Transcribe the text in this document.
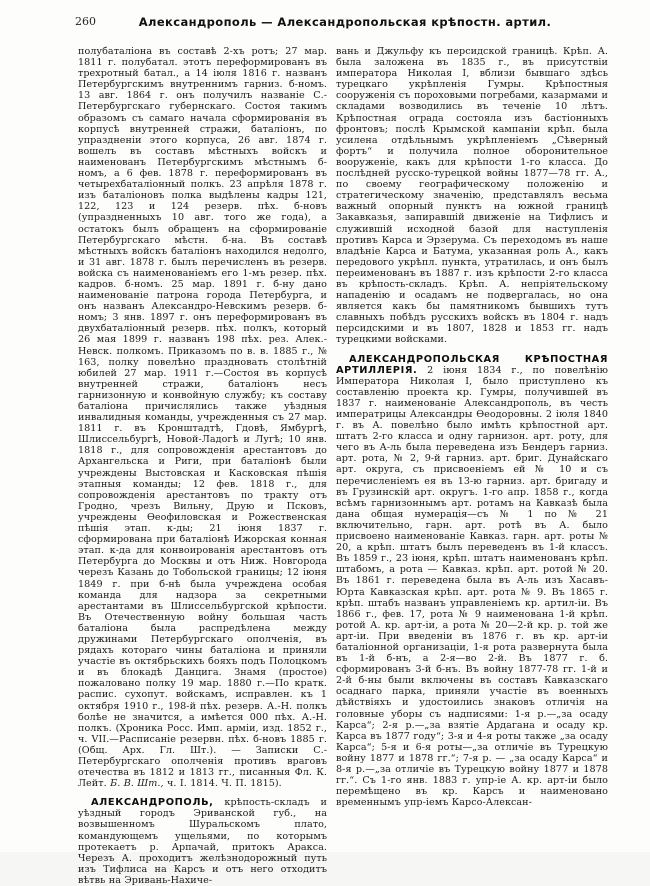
260	Александрополь — Александропольская крѣпостн. артил.

полубаталіона въ составѣ 2-хъ ротъ; 27 мар. 1811 г. полубатал. этотъ переформированъ въ трехротный батал., а 14 іюля 1816 г. названъ Петербургскимъ внутреннимъ гарниз. б-номъ. 13 авг. 1864 г. онъ получилъ названіе С.-Петербургскаго губернскаго. Состоя такимъ образомъ съ самаго начала сформированія въ корпусѣ внутренней стражи, баталіонъ, по упраздненіи этого корпуса, 26 авг. 1874 г. вошелъ въ составъ мѣстныхъ войскъ и наименованъ Петербургскимъ мѣстнымъ б-номъ, а 6 фев. 1878 г. переформированъ въ четырехбаталіонный полкъ. 23 апрѣля 1878 г. изъ баталіоновъ полка выдѣлены кадры 121, 122, 123 и 124 резерв. пѣх. б-новъ (упраздненныхъ 10 авг. того же года), а остатокъ былъ обращенъ на сформированіе Петербургскаго мѣстн. б-на. Въ составѣ мѣстныхъ войскъ баталіонъ находился недолго, и 31 авг. 1878 г. былъ перечисленъ въ резерв. войска съ наименованіемъ его 1-мъ резер. пѣх. кадров. б-номъ. 25 мар. 1891 г. б-ну дано наименованіе патрона города Петербурга, и онъ названъ Александро-Невскимъ резерв. б-номъ; 3 янв. 1897 г. онъ переформированъ въ двухбаталіонный резерв. пѣх. полкъ, который 26 мая 1899 г. названъ 198 пѣх. рез. Алек.-Невск. полкомъ. Приказомъ по в. в. 1885 г., № 163, полку повелѣно праздновать столѣтній юбилей 27 мар. 1911 г.—Состоя въ корпусѣ внутренней стражи, баталіонъ несъ гарнизонную и конвойную службу; къ составу баталіона причислялись также уѣздныя инвалидныя команды, учрежденныя съ 27 мар. 1811 г. въ Кронштадтѣ, Гдовѣ, Ямбургѣ, Шлиссельбургѣ, Новой-Ладогѣ и Лугѣ; 10 янв. 1818 г., для сопровожденія арестантовъ до Архангельска и Риги, при баталіонѣ были учреждены Выстовская и Касковская пѣшія этапныя команды; 12 фев. 1818 г., для сопровожденія арестантовъ по тракту отъ Гродно, чрезъ Вильну, Друю и Псковъ, учреждены Ѳеофиловская и Рожественская пѣшія этап. к-ды; 21 іюня 1837 г. сформирована при баталіонѣ Ижорская конная этап. к-да для конвоированія арестантовъ отъ Петербурга до Москвы и отъ Ниж. Новгорода черезъ Казань до Тобольской границы; 12 іюня 1849 г. при б-нѣ была учреждена особая команда для надзора за секретными арестантами въ Шлиссельбургской крѣпости. Въ Отечественную войну большая часть баталіона была распредѣлена между дружинами Петербургскаго ополченія, въ рядахъ котораго чины баталіона и приняли участіе въ октябрьскихъ бояхъ подъ Полоцкомъ и въ блокадѣ Данцига. Знамя (простое) пожаловано полку 19 мар. 1880 г.—По кратк. распис. сухопут. войскамъ, исправлен. къ 1 октября 1910 г., 198-й пѣх. резерв. А.-Н. полкъ болѣе не значится, а имѣется 000 пѣх. А.-Н. полкъ. (Хроника Росс. Имп. арміи, изд. 1852 г., ч. VII.—Расписаніе резервн. пѣх. б-новъ 1885 г. (Общ. Арх. Гл. Шт.). — Записки С.-Петербургскаго ополченія противъ враговъ отечества въ 1812 и 1813 гг., писанныя Фл. К. Лейт. Б. В. Шт., ч. I. 1814. Ч. П. 1815).

АЛЕКСАНДРОПОЛЬ, крѣпость-складъ и уѣздный городъ Эриванской губ., на возвышенномъ Шуральскомъ плато, командующемъ ущельями, по которымъ протекаетъ р. Арпачай, притокъ Аракса. Черезъ А. проходитъ желѣзнодорожный путь изъ Тифлиса на Карсъ и отъ него отходитъ вѣтвь на Эривань-Нахиче-

вань и Джульфу къ персидской границѣ. Крѣп. А. была заложена въ 1835 г., въ присутствіи императора Николая I, вблизи бывшаго здѣсь турецкаго укрѣпленія Гумры. Крѣпостныя сооруженія съ пороховыми погребами, казармами и складами возводились въ теченіе 10 лѣтъ. Крѣпостная ограда состояла изъ бастіонныхъ фронтовъ; послѣ Крымской кампаніи крѣп. была усилена отдѣльнымъ укрѣпленіемъ „Сѣверный фортъ“ и получила полное оборонительное вооруженіе, какъ для крѣпости 1-го класса. До послѣдней русско-турецкой войны 1877—78 гг. А., по своему географическому положенію и стратегическому значенію, представлялъ весьма важный опорный пунктъ на южной границѣ Закавказья, запиравшій движеніе на Тифлисъ и служившій исходной базой для наступленія противъ Карса и Эрзерума. Съ переходомъ въ наше владѣніе Карса и Батума, указанная роль А., какъ передового укрѣпл. пункта, утратилась, и онъ былъ переименованъ въ 1887 г. изъ крѣпости 2-го класса въ крѣпость-складъ. Крѣп. А. непріятельскому нападенію и осадамъ не подвергалась, но она является какъ бы памятникомъ бывшихъ тутъ славныхъ побѣдъ русскихъ войскъ въ 1804 г. надъ персидскими и въ 1807, 1828 и 1853 гг. надъ турецкими войсками.

АЛЕКСАНДРОПОЛЬСКАЯ КРѢПОСТНАЯ АРТИЛЛЕРІЯ. 2 іюня 1834 г., по повелѣнію Императора Николая I, было приступлено къ составленію проекта кр. Гумры, получившей въ 1837 г. наименованіе Александрополь, въ честь императрицы Александры Ѳеодоровны. 2 іюля 1840 г. въ А. повелѣно было имѣть крѣпостной арт. штатъ 2-го класса и одну гарнизон. арт. роту, для чего въ А-ль была переведена изъ Бендеръ гарниз. арт. рота, № 2, 9-й гарниз. арт. бриг. Дунайскаго арт. округа, съ присвоеніемъ ей № 10 и съ перечисленіемъ ея въ 13-ю гарниз. арт. бригаду и въ Грузинскій арт. округъ. 1-го апр. 1858 г., когда всѣмъ гарнизоннымъ арт. ротамъ на Кавказѣ была дана общая нумерація—съ № 1 по № 21 включительно, гарн. арт. ротѣ въ А. было присвоено наименованіе Кавказ. гарн. арт. роты № 20, а крѣп. штатъ былъ переведенъ въ 1-й классъ. Въ 1859 г., 23 іюня, крѣп. штатъ наименованъ крѣп. штабомъ, а рота — Кавказ. крѣп. арт. ротой № 20. Въ 1861 г. переведена была въ А-ль изъ Хасавъ-Юрта Кавказская крѣп. арт. рота № 9. Въ 1865 г. крѣп. штабъ названъ управленіемъ кр. артил-іи. Въ 1866 г., фев. 17, рота № 9 наименована 1-й крѣп. ротой А. кр. арт-іи, а рота № 20—2-й кр. р. той же арт-іи. При введеніи въ 1876 г. въ кр. арт-іи баталіонной организаціи, 1-я рота развернута была въ 1-й б-нъ, а 2-я—во 2-й. Въ 1877 г. б. сформированъ 3-й б-нъ. Въ войну 1877-78 гг. 1-й и 2-й б-ны были включены въ составъ Кавказскаго осаднаго парка, приняли участіе въ военныхъ дѣйствіяхъ и удостоились знаковъ отличія на головные уборы съ надписями: 1-я р.—„за осаду Карса“; 2-я р.—„за взятіе Ардагана и осаду кр. Карса въ 1877 году“; 3-я и 4-я роты также „за осаду Карса“; 5-я и 6-я роты—„за отличіе въ Турецкую войну 1877 и 1878 гг.“; 7-я р. — „за осаду Карса“ и 8-я р.—„за отличіе въ Турецкую войну 1877 и 1878 гг.“. Съ 1-го янв. 1883 г. упр-іе А. кр. арт-іи было перемѣщено въ кр. Карсъ и наименовано временнымъ упр-іемъ Карсо-Алексан-
